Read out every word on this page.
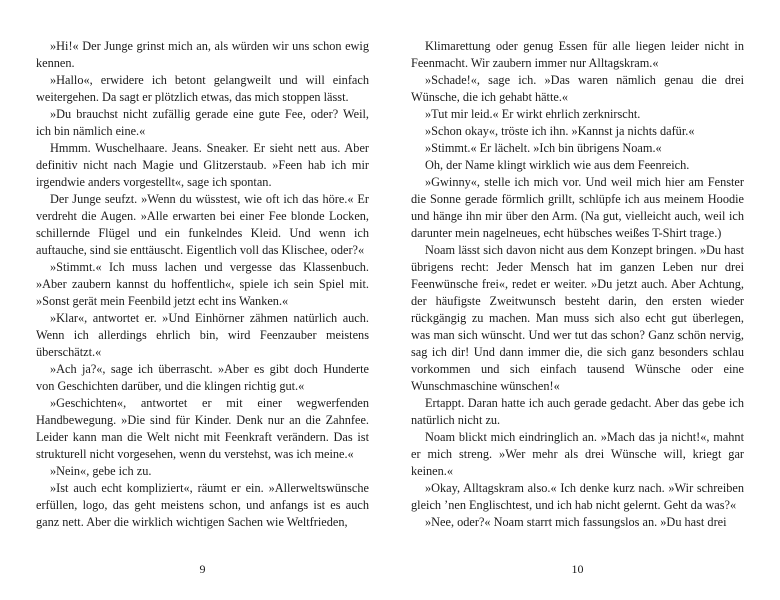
»Hi!« Der Junge grinst mich an, als würden wir uns schon ewig kennen.

»Hallo«, erwidere ich betont gelangweilt und will einfach weitergehen. Da sagt er plötzlich etwas, das mich stoppen lässt.

»Du brauchst nicht zufällig gerade eine gute Fee, oder? Weil, ich bin nämlich eine.«

Hmmm. Wuschelhaare. Jeans. Sneaker. Er sieht nett aus. Aber definitiv nicht nach Magie und Glitzerstaub. »Feen hab ich mir irgendwie anders vorgestellt«, sage ich spontan.

Der Junge seufzt. »Wenn du wüsstest, wie oft ich das höre.« Er verdreht die Augen. »Alle erwarten bei einer Fee blonde Locken, schillernde Flügel und ein funkelndes Kleid. Und wenn ich auftauche, sind sie enttäuscht. Eigentlich voll das Klischee, oder?«

»Stimmt.« Ich muss lachen und vergesse das Klassenbuch. »Aber zaubern kannst du hoffentlich«, spiele ich sein Spiel mit. »Sonst gerät mein Feenbild jetzt echt ins Wanken.«

»Klar«, antwortet er. »Und Einhörner zähmen natürlich auch. Wenn ich allerdings ehrlich bin, wird Feenzauber meistens überschätzt.«

»Ach ja?«, sage ich überrascht. »Aber es gibt doch Hunderte von Geschichten darüber, und die klingen richtig gut.«

»Geschichten«, antwortet er mit einer wegwerfenden Handbewegung. »Die sind für Kinder. Denk nur an die Zahnfee. Leider kann man die Welt nicht mit Feenkraft verändern. Das ist strukturell nicht vorgesehen, wenn du verstehst, was ich meine.«

»Nein«, gebe ich zu.

»Ist auch echt kompliziert«, räumt er ein. »Allerweltswünsche erfüllen, logo, das geht meistens schon, und anfangs ist es auch ganz nett. Aber die wirklich wichtigen Sachen wie Weltfrieden,

9

Klimarettung oder genug Essen für alle liegen leider nicht in Feenmacht. Wir zaubern immer nur Alltagskram.«

»Schade!«, sage ich. »Das waren nämlich genau die drei Wünsche, die ich gehabt hätte.«

»Tut mir leid.« Er wirkt ehrlich zerknirscht.

»Schon okay«, tröste ich ihn. »Kannst ja nichts dafür.«

»Stimmt.« Er lächelt. »Ich bin übrigens Noam.«

Oh, der Name klingt wirklich wie aus dem Feenreich.

»Gwinny«, stelle ich mich vor. Und weil mich hier am Fenster die Sonne gerade förmlich grillt, schlüpfe ich aus meinem Hoodie und hänge ihn mir über den Arm. (Na gut, vielleicht auch, weil ich darunter mein nagelneues, echt hübsches weißes T-Shirt trage.)

Noam lässt sich davon nicht aus dem Konzept bringen. »Du hast übrigens recht: Jeder Mensch hat im ganzen Leben nur drei Feenwünsche frei«, redet er weiter. »Du jetzt auch. Aber Achtung, der häufigste Zweitwunsch besteht darin, den ersten wieder rückgängig zu machen. Man muss sich also echt gut überlegen, was man sich wünscht. Und wer tut das schon? Ganz schön nervig, sag ich dir! Und dann immer die, die sich ganz besonders schlau vorkommen und sich einfach tausend Wünsche oder eine Wunschmaschine wünschen!«

Ertappt. Daran hatte ich auch gerade gedacht. Aber das gebe ich natürlich nicht zu.

Noam blickt mich eindringlich an. »Mach das ja nicht!«, mahnt er mich streng. »Wer mehr als drei Wünsche will, kriegt gar keinen.«

»Okay, Alltagskram also.« Ich denke kurz nach. »Wir schreiben gleich ’nen Englischtest, und ich hab nicht gelernt. Geht da was?«

»Nee, oder?« Noam starrt mich fassungslos an. »Du hast drei

10
